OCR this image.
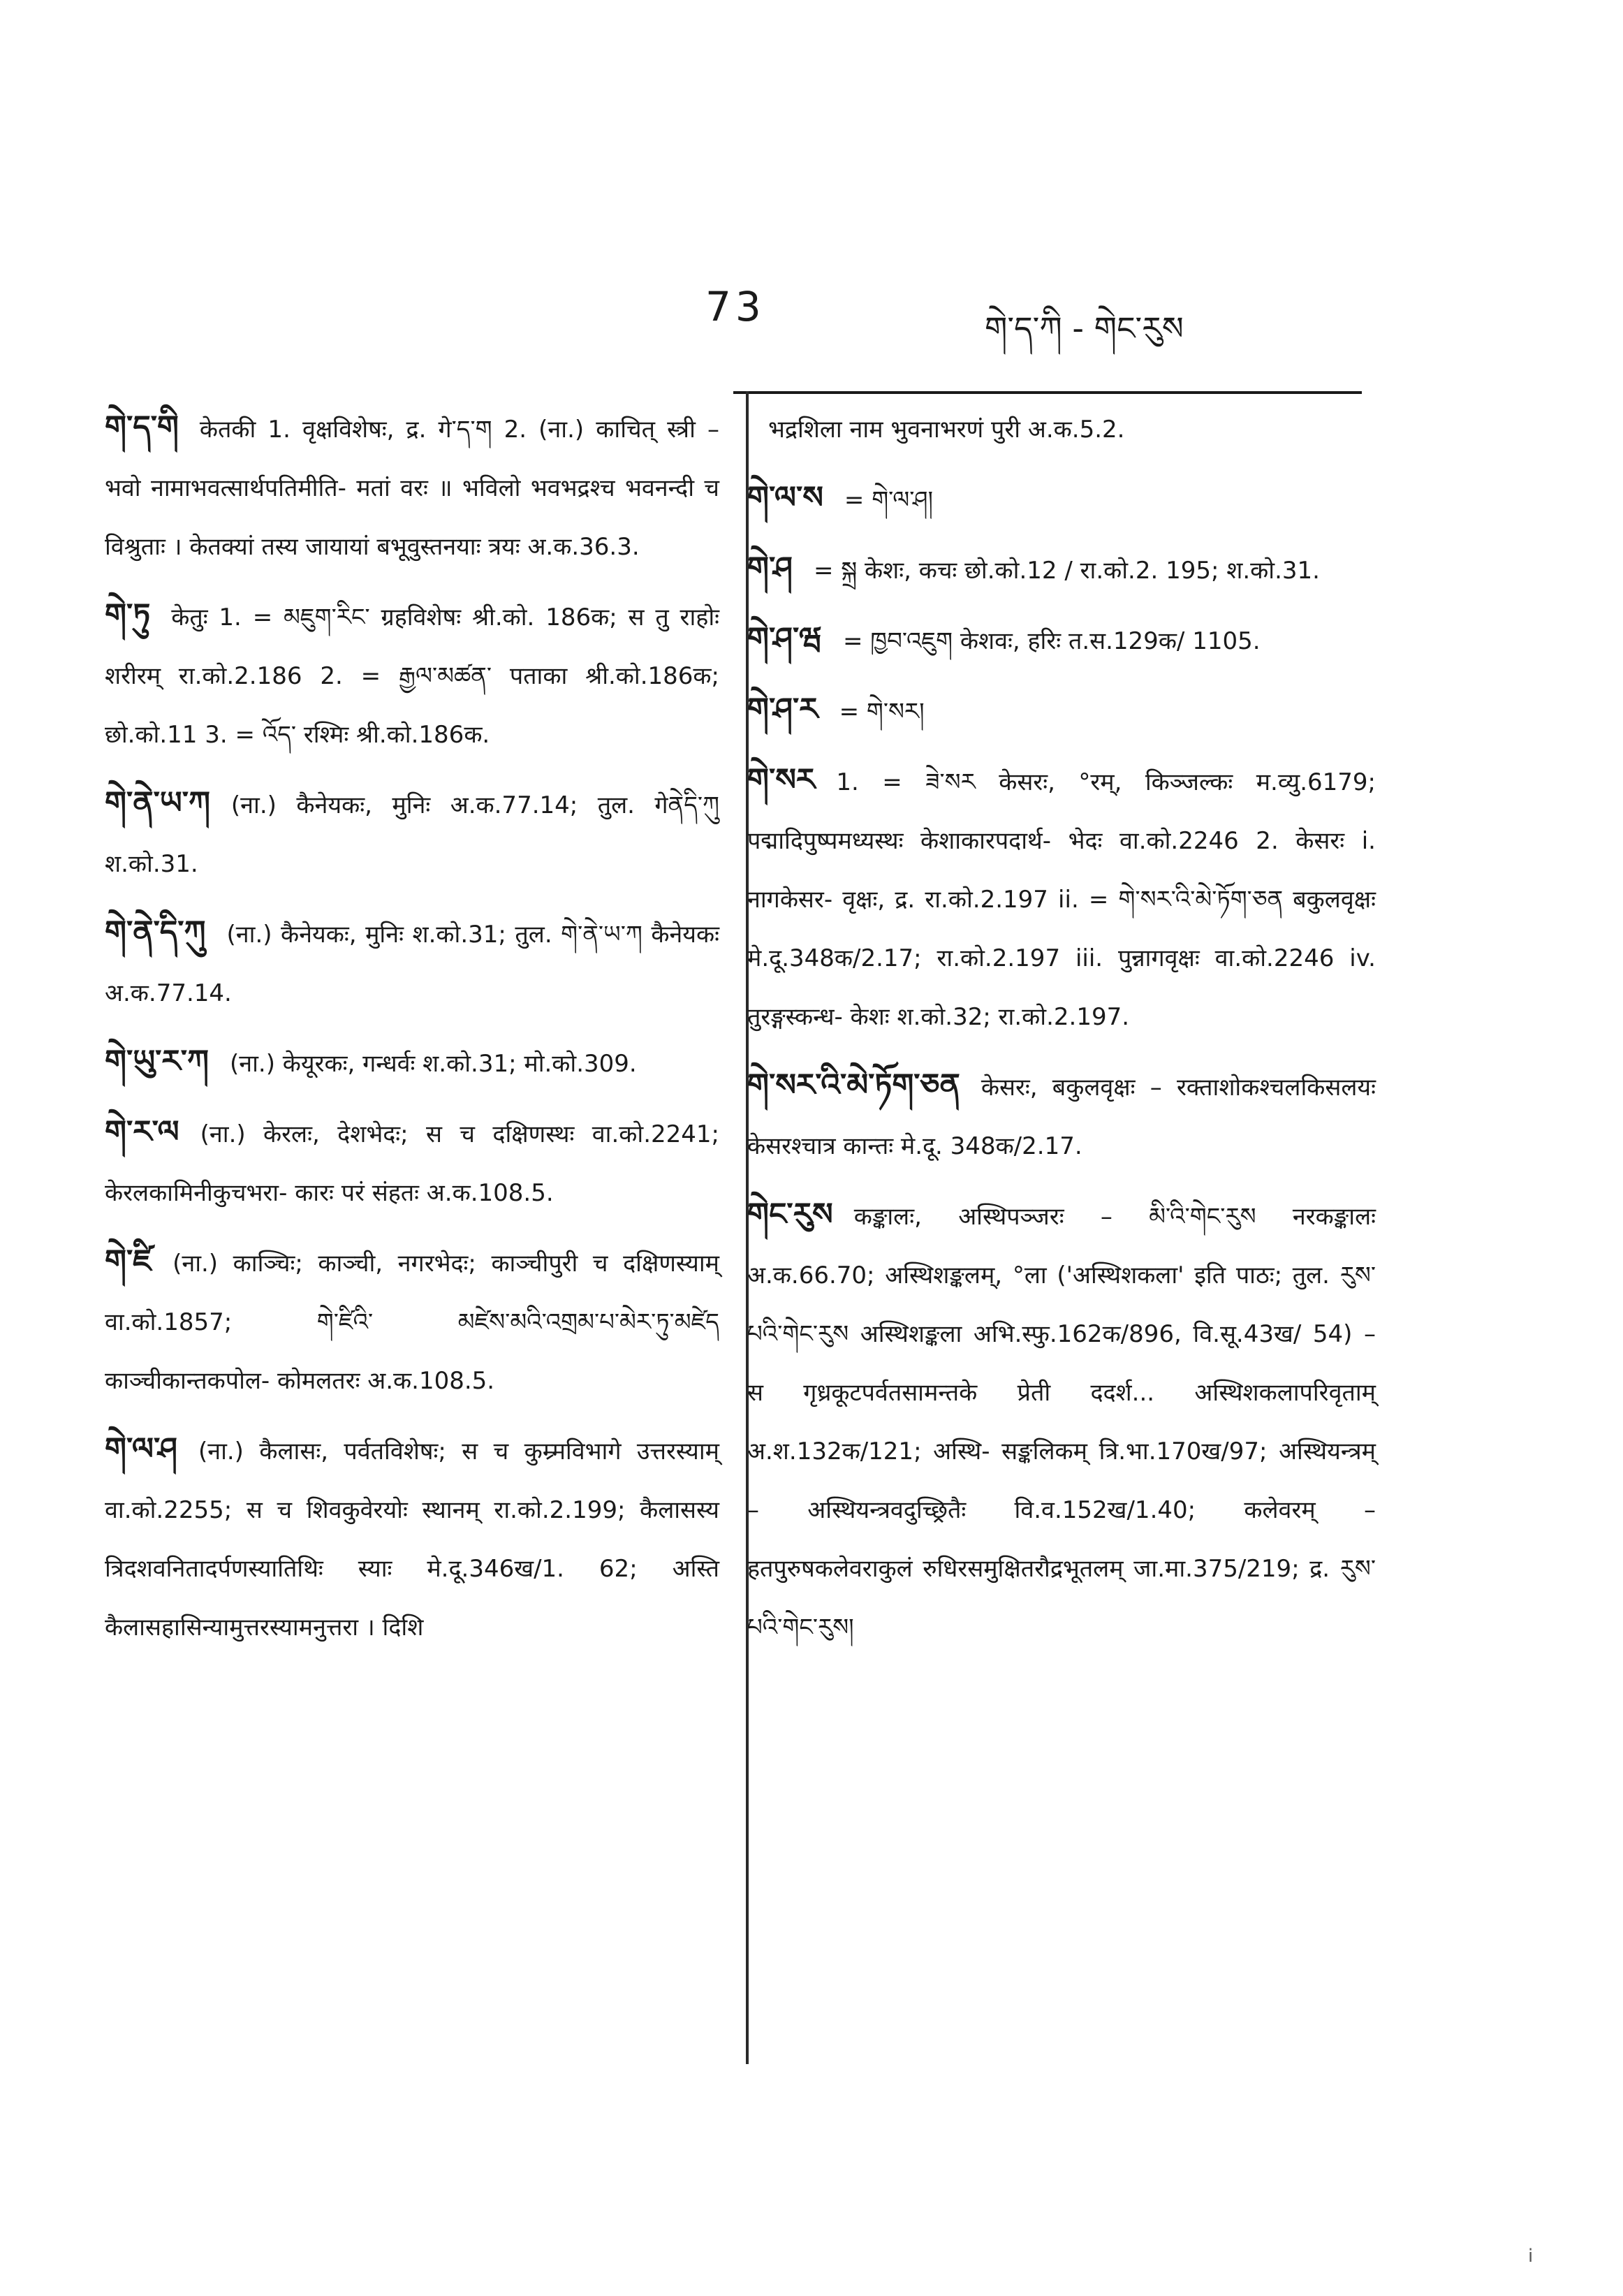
73	གེ་ད་ཀི - གེང་རུས
གེ་ད་གི केतकी 1. वृक्षविशेषः, द्र. गे་ད་ག 2. (ना.) काचित् स्त्री – भवो नामाभवत्सार्थपतिमीति- मतां वरः ॥ भविलो भवभद्रश्च भवनन्दी च विश्रुताः । केतक्यां तस्य जायायां बभूवुस्तनयाः त्रयः अ.क.36.3.
གེ་ཏུ केतुः 1. = མཇུག་རིང་ ग्रहविशेषः श्री.को. 186क; स तु राहोः शरीरम् रा.को.2.186 2. = རྒྱལ་མཚན་ पताका श्री.को.186क; छो.को.11 3. = འོད་ रश्मिः श्री.को.186क.
གེ་ནེ་ཡ་ཀ (ना.) कैनेयकः, मुनिः अ.क.77.14; तुल. गेནེདི་ཀུ श.को.31.
གེ་ནེ་དི་ཀུ (ना.) कैनेयकः, मुनिः श.को.31; तुल. གེ་ནེ་ཡ་ཀ कैनेयकः अ.क.77.14.
གེ་ཡུ་ར་ཀ (ना.) केयूरकः, गन्धर्वः श.को.31; मो.को.309.
གེ་ར་ལ (ना.) केरलः, देशभेदः; स च दक्षिणस्थः वा.को.2241; केरलकामिनीकुचभरा- कारः परं संहतः अ.क.108.5.
གེ་ཛི (ना.) काञ्चिः; काञ्ची, नगरभेदः; काञ्चीपुरी च दक्षिणस्याम् वा.को.1857; གེ་ཛིའི་ མཛེས་མའི་འགྲམ་པ་མེར་ཏུ་མཛེད काञ्चीकान्तकपोल- कोमलतरः अ.क.108.5.
གེ་ལ་ཤ (ना.) कैलासः, पर्वतविशेषः; स च कुम्र्मविभागे उत्तरस्याम् वा.को.2255; स च शिवकुवेरयोः स्थानम् रा.को.2.199; कैलासस्य त्रिदशवनितादर्पणस्यातिथिः स्याः मे.दू.346ख/1. 62; अस्ति कैलासहासिन्यामुत्तरस्यामनुत्तरा । दिशि
भद्रशिला नाम भुवनाभरणं पुरी अ.क.5.2.
གེ་ལ་ས = གེ་ལ་ཤ།
གེ་ཤ = སྐྲ केशः, कचः छो.को.12 / रा.को.2. 195; श.को.31.
གེ་ཤ་ཝ = ཁྱབ་འཇུག केशवः, हरिः त.स.129क/ 1105.
གེ་ཤ་ར = གེ་སར།
གེ་སར 1. = ཟེ་སར केसरः, °रम्, किञ्जल्कः म.व्यु.6179; पद्मादिपुष्पमध्यस्थः केशाकारपदार्थ- भेदः वा.को.2246 2. केसरः i. नागकेसर- वृक्षः, द्र. रा.को.2.197 ii. = གེ་སར་འི་མེ་ཏོག་ཅན बकुलवृक्षः मे.दू.348क/2.17; रा.को.2.197 iii. पुन्नागवृक्षः वा.को.2246 iv. तुरङ्गस्कन्ध- केशः श.को.32; रा.को.2.197.
གེ་སར་འི་མེ་ཏོག་ཅན केसरः, बकुलवृक्षः – रक्ताशोकश्चलकिसलयः केसरश्चात्र कान्तः मे.दू. 348क/2.17.
གེང་རུས कङ्कालः, अस्थिपञ्जरः – མི་འི་གེང་རུས नरकङ्कालः अ.क.66.70; अस्थिशङ्कलम्, °ला ('अस्थिशकला' इति पाठः; तुल. རུས་པའི་གེང་རུས अस्थिशङ्कला अभि.स्फु.162क/896, वि.सू.43ख/ 54) – स गृध्रकूटपर्वतसामन्तके प्रेती ददर्श... अस्थिशकलापरिवृताम् अ.श.132क/121; अस्थि- सङ्कलिकम् त्रि.भा.170ख/97; अस्थियन्त्रम् – अस्थियन्त्रवदुच्छ्रितैः वि.व.152ख/1.40; कलेवरम् – हतपुरुषकलेवराकुलं रुधिरसमुक्षितरौद्रभूतलम् जा.मा.375/219; द्र. རུས་པའི་གེང་རུས།
i
